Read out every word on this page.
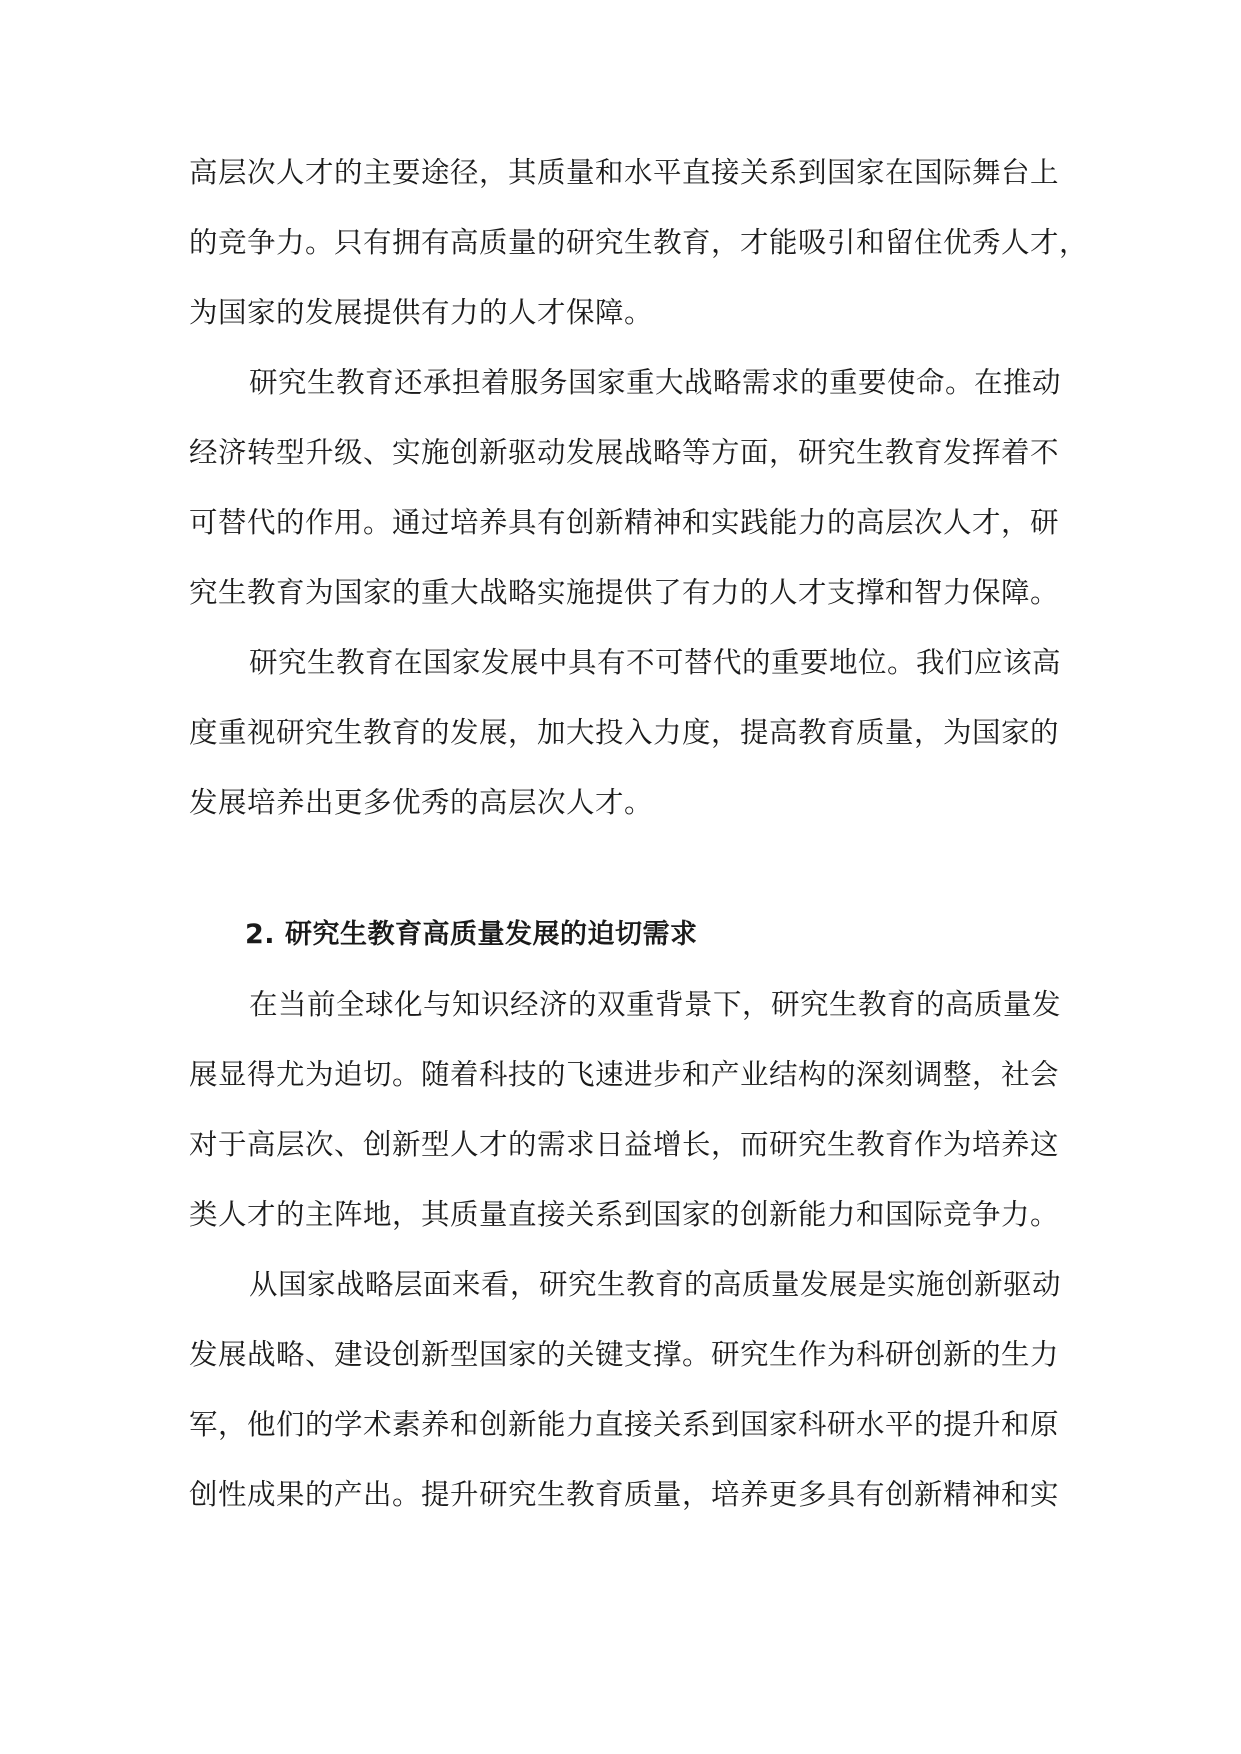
高层次人才的主要途径，其质量和水平直接关系到国家在国际舞台上
的竞争力。只有拥有高质量的研究生教育，才能吸引和留住优秀人才，
为国家的发展提供有力的人才保障。
研究生教育还承担着服务国家重大战略需求的重要使命。在推动
经济转型升级、实施创新驱动发展战略等方面，研究生教育发挥着不
可替代的作用。通过培养具有创新精神和实践能力的高层次人才，研
究生教育为国家的重大战略实施提供了有力的人才支撑和智力保障。
研究生教育在国家发展中具有不可替代的重要地位。我们应该高
度重视研究生教育的发展，加大投入力度，提高教育质量，为国家的
发展培养出更多优秀的高层次人才。
2. 研究生教育高质量发展的迫切需求
在当前全球化与知识经济的双重背景下，研究生教育的高质量发
展显得尤为迫切。随着科技的飞速进步和产业结构的深刻调整，社会
对于高层次、创新型人才的需求日益增长，而研究生教育作为培养这
类人才的主阵地，其质量直接关系到国家的创新能力和国际竞争力。
从国家战略层面来看，研究生教育的高质量发展是实施创新驱动
发展战略、建设创新型国家的关键支撑。研究生作为科研创新的生力
军，他们的学术素养和创新能力直接关系到国家科研水平的提升和原
创性成果的产出。提升研究生教育质量，培养更多具有创新精神和实
